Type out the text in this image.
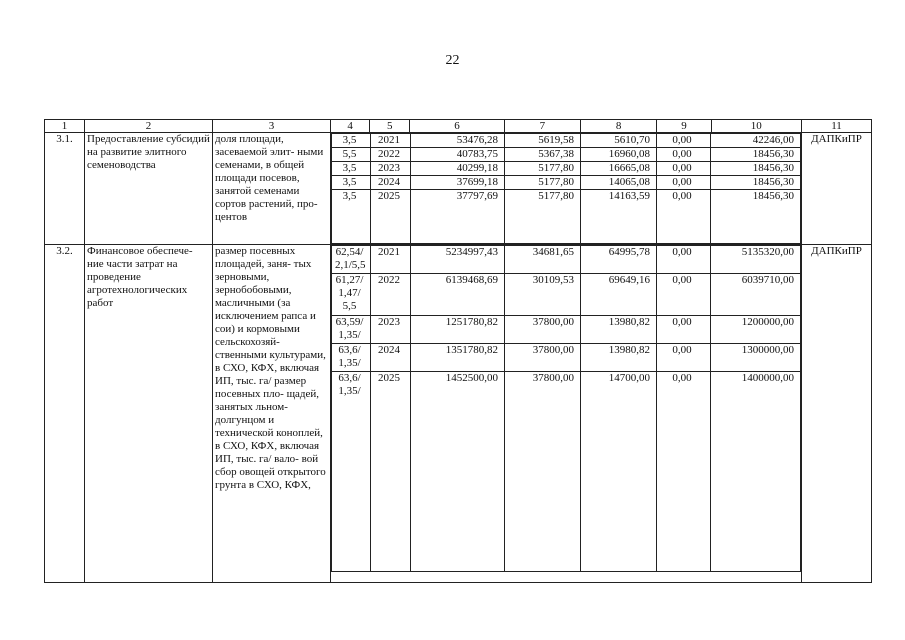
22
1	2	3	4	5	6	7	8	9	10	11
3.1.	Предоставление субсидий на развитие элитного семеноводства	доля площади, засеваемой элит- ными семенами, в общей площади посевов, занятой семенами сортов растений, про- центов	
3,5	2021	53476,28	5619,58	5610,70	0,00	42246,00
5,5	2022	40783,75	5367,38	16960,08	0,00	18456,30
3,5	2023	40299,18	5177,80	16665,08	0,00	18456,30
3,5	2024	37699,18	5177,80	14065,08	0,00	18456,30
3,5	2025	37797,69	5177,80	14163,59	0,00	18456,30
	ДАПКиПР
3.2.	Финансовое обеспече- ние части затрат на проведение агротехнологических работ	размер посевных площадей, заня- тых зерновыми, зернобобовыми, масличными (за исключением рапса и сои) и кормовыми сельскохозяй- ственными культурами, в СХО, КФХ, включая ИП, тыс. га/ размер посевных пло- щадей, занятых льном-долгунцом и технической коноплей, в СХО, КФХ, включая ИП, тыс. га/ вало- вой сбор овощей открытого грунта в СХО, КФХ,	
62,54/ 2,1/5,5	2021	5234997,43	34681,65	64995,78	0,00	5135320,00
61,27/ 1,47/ 5,5	2022	6139468,69	30109,53	69649,16	0,00	6039710,00
63,59/ 1,35/	2023	1251780,82	37800,00	13980,82	0,00	1200000,00
63,6/ 1,35/	2024	1351780,82	37800,00	13980,82	0,00	1300000,00
63,6/ 1,35/	2025	1452500,00	37800,00	14700,00	0,00	1400000,00
	ДАПКиПР
